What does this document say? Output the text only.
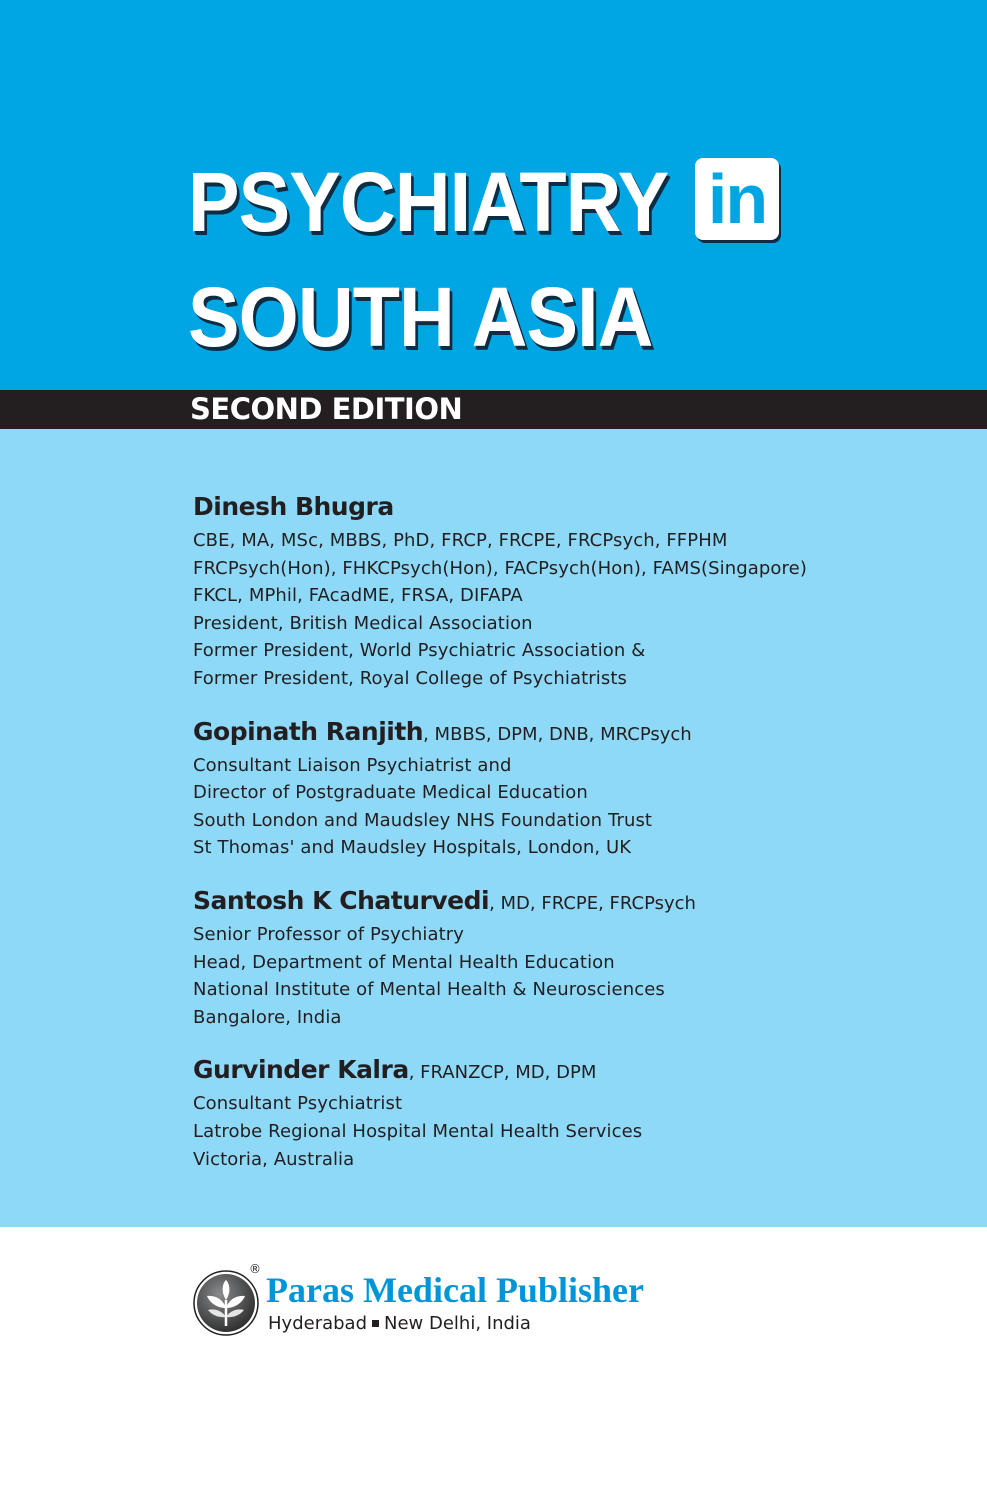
PSYCHIATRY in
SOUTH ASIA
SECOND EDITION
Dinesh Bhugra
CBE, MA, MSc, MBBS, PhD, FRCP, FRCPE, FRCPsych, FFPHM
FRCPsych(Hon), FHKCPsych(Hon), FACPsych(Hon), FAMS(Singapore)
FKCL, MPhil, FAcadME, FRSA, DIFAPA
President, British Medical Association
Former President, World Psychiatric Association &
Former President, Royal College of Psychiatrists
Gopinath Ranjith, MBBS, DPM, DNB, MRCPsych
Consultant Liaison Psychiatrist and
Director of Postgraduate Medical Education
South London and Maudsley NHS Foundation Trust
St Thomas' and Maudsley Hospitals, London, UK
Santosh K Chaturvedi, MD, FRCPE, FRCPsych
Senior Professor of Psychiatry
Head, Department of Mental Health Education
National Institute of Mental Health & Neurosciences
Bangalore, India
Gurvinder Kalra, FRANZCP, MD, DPM
Consultant Psychiatrist
Latrobe Regional Hospital Mental Health Services
Victoria, Australia
®
Paras Medical Publisher
Hyderabad New Delhi, India
